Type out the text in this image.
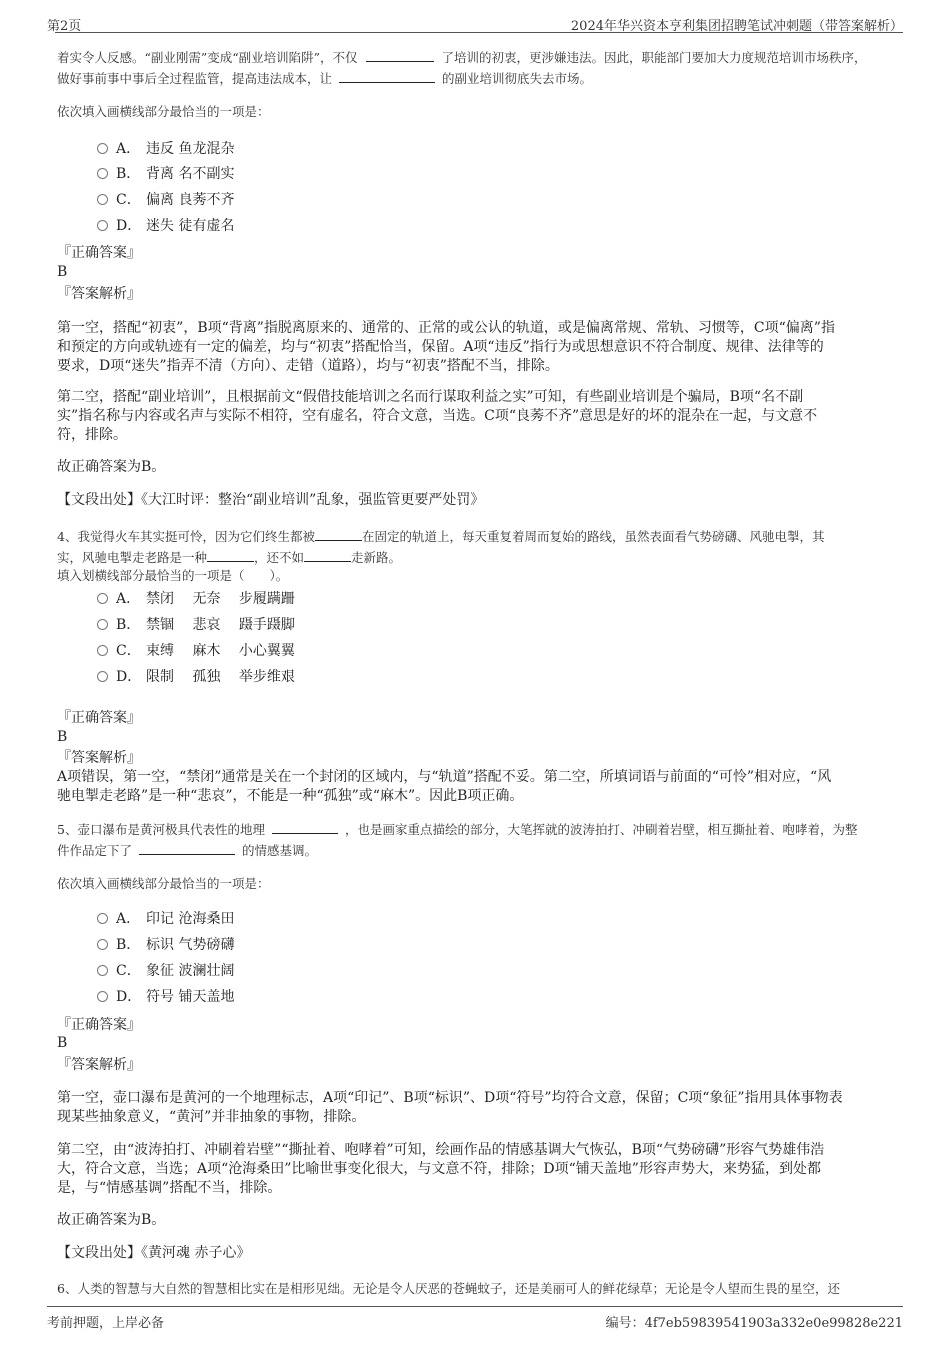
第2页	2024年华兴资本亨利集团招聘笔试冲刺题（带答案解析）
着实令人反感。“副业刚需”变成“副业培训陷阱”，不仅	了培训的初衷，更涉嫌违法。因此，职能部门要加大力度规范培训市场秩序，
做好事前事中事后全过程监管，提高违法成本，让	的副业培训彻底失去市场。
依次填入画横线部分最恰当的一项是：
A． 违反 鱼龙混杂
B． 背离 名不副实
C． 偏离 良莠不齐
D． 迷失 徒有虚名
『正确答案』
B
『答案解析』
第一空，搭配“初衷”，B项“背离”指脱离原来的、通常的、正常的或公认的轨道，或是偏离常规、常轨、习惯等，C项“偏离”指
和预定的方向或轨迹有一定的偏差，均与“初衷”搭配恰当，保留。A项“违反”指行为或思想意识不符合制度、规律、法律等的
要求，D项“迷失”指弄不清（方向）、走错（道路），均与“初衷”搭配不当，排除。
第二空，搭配“副业培训”，且根据前文“假借技能培训之名而行谋取利益之实”可知，有些副业培训是个骗局，B项“名不副
实”指名称与内容或名声与实际不相符，空有虚名，符合文意，当选。C项“良莠不齐”意思是好的坏的混杂在一起，与文意不
符，排除。
故正确答案为B。
【文段出处】《大江时评：整治“副业培训”乱象，强监管更要严处罚》
4、我觉得火车其实挺可怜，因为它们终生都被	在固定的轨道上，每天重复着周而复始的路线，虽然表面看气势磅礴、风驰电掣，其
实，风驰电掣走老路是一种	，还不如	走新路。
填入划横线部分最恰当的一项是（　　）。
A． 禁闭　 无奈　 步履蹒跚
B． 禁锢　 悲哀　 蹑手蹑脚
C． 束缚　 麻木　 小心翼翼
D． 限制　 孤独　 举步维艰
『正确答案』
B
『答案解析』
A项错误，第一空，“禁闭”通常是关在一个封闭的区域内，与“轨道”搭配不妥。第二空，所填词语与前面的“可怜”相对应，“风
驰电掣走老路”是一种“悲哀”，不能是一种“孤独”或“麻木”。因此B项正确。
5、壶口瀑布是黄河极具代表性的地理	，也是画家重点描绘的部分，大笔挥就的波涛拍打、冲刷着岩壁，相互撕扯着、咆哮着，为整
件作品定下了	的情感基调。
依次填入画横线部分最恰当的一项是：
A． 印记 沧海桑田
B． 标识 气势磅礴
C． 象征 波澜壮阔
D． 符号 铺天盖地
『正确答案』
B
『答案解析』
第一空，壶口瀑布是黄河的一个地理标志，A项“印记”、B项“标识”、D项“符号”均符合文意，保留；C项“象征”指用具体事物表
现某些抽象意义，“黄河”并非抽象的事物，排除。
第二空，由“波涛拍打、冲刷着岩壁”“撕扯着、咆哮着”可知，绘画作品的情感基调大气恢弘，B项“气势磅礴”形容气势雄伟浩
大，符合文意，当选；A项“沧海桑田”比喻世事变化很大，与文意不符，排除；D项“铺天盖地”形容声势大，来势猛，到处都
是，与“情感基调”搭配不当，排除。
故正确答案为B。
【文段出处】《黄河魂 赤子心》
6、人类的智慧与大自然的智慧相比实在是相形见绌。无论是令人厌恶的苍蝇蚊子，还是美丽可人的鲜花绿草；无论是令人望而生畏的星空，还
考前押题，上岸必备	编号：4f7eb59839541903a332e0e99828e221
